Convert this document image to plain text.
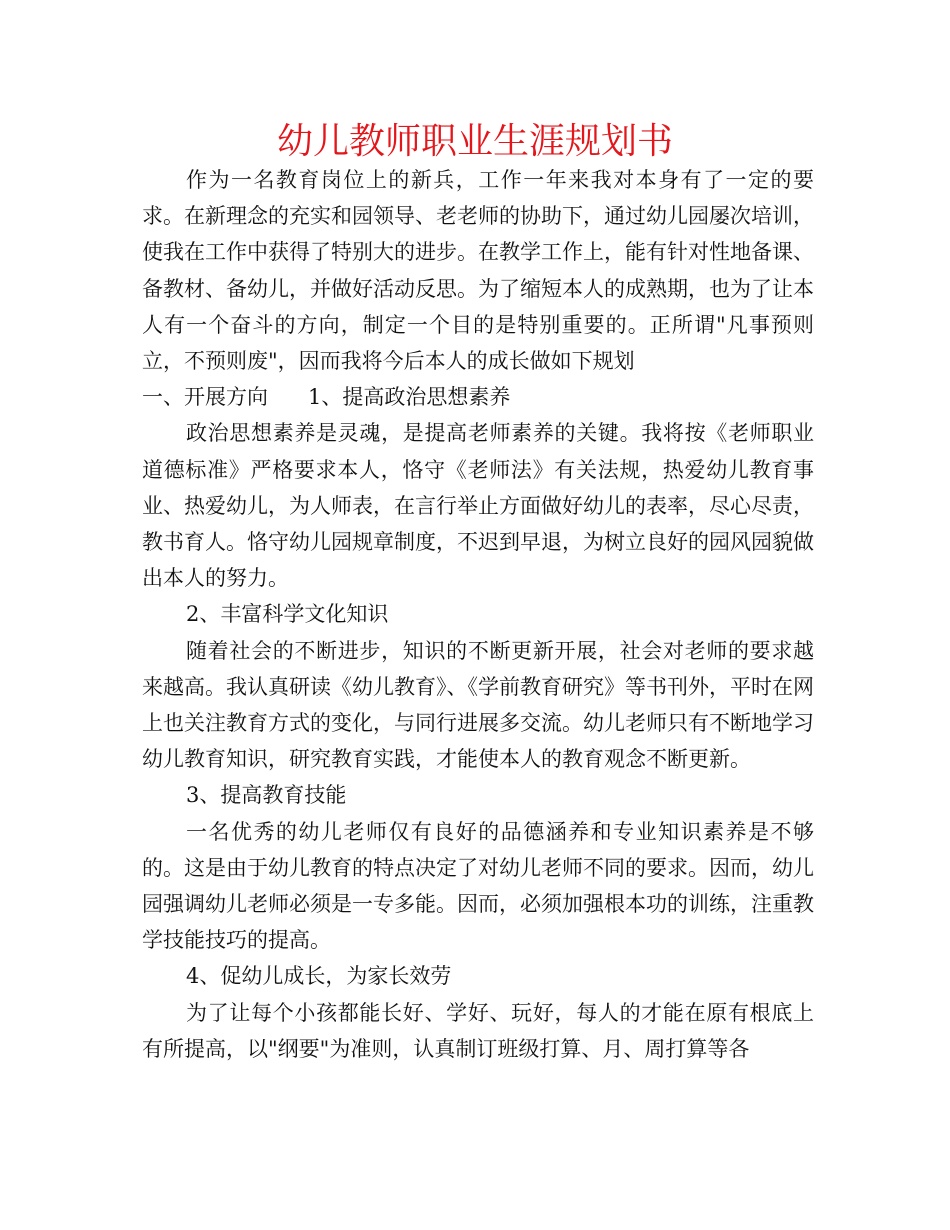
幼儿教师职业生涯规划书

作为一名教育岗位上的新兵，工作一年来我对本身有了一定的要求。在新理念的充实和园领导、老老师的协助下，通过幼儿园屡次培训，使我在工作中获得了特别大的进步。在教学工作上，能有针对性地备课、备教材、备幼儿，并做好活动反思。为了缩短本人的成熟期，也为了让本人有一个奋斗的方向，制定一个目的是特别重要的。正所谓"凡事预则立，不预则废"，因而我将今后本人的成长做如下规划

一、开展方向 1、提高政治思想素养

政治思想素养是灵魂，是提高老师素养的关键。我将按《老师职业道德标准》严格要求本人，恪守《老师法》有关法规，热爱幼儿教育事业、热爱幼儿，为人师表，在言行举止方面做好幼儿的表率，尽心尽责，教书育人。恪守幼儿园规章制度，不迟到早退，为树立良好的园风园貌做出本人的努力。

2、丰富科学文化知识

随着社会的不断进步，知识的不断更新开展，社会对老师的要求越来越高。我认真研读《幼儿教育》、《学前教育研究》等书刊外，平时在网上也关注教育方式的变化，与同行进展多交流。幼儿老师只有不断地学习幼儿教育知识，研究教育实践，才能使本人的教育观念不断更新。

3、提高教育技能

一名优秀的幼儿老师仅有良好的品德涵养和专业知识素养是不够的。这是由于幼儿教育的特点决定了对幼儿老师不同的要求。因而，幼儿园强调幼儿老师必须是一专多能。因而，必须加强根本功的训练，注重教学技能技巧的提高。

4、促幼儿成长，为家长效劳

为了让每个小孩都能长好、学好、玩好，每人的才能在原有根底上有所提高，以"纲要"为准则，认真制订班级打算、月、周打算等各
